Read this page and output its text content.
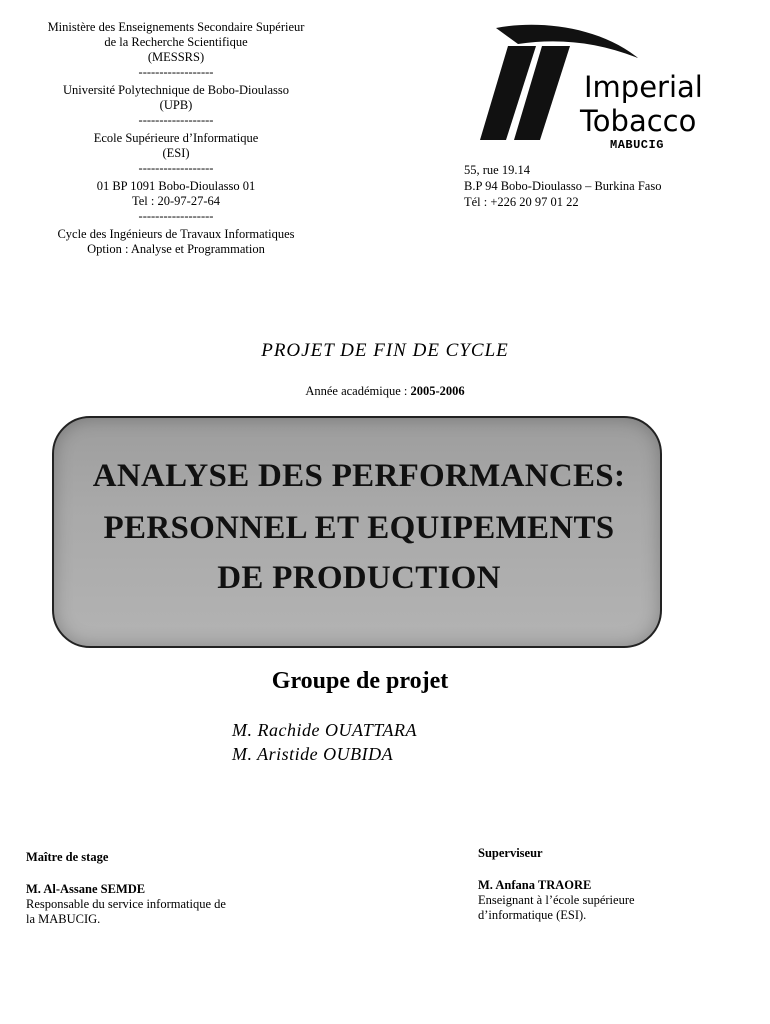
Ministère des Enseignements Secondaire Supérieur
de la Recherche Scientifique
(MESSRS)
------------------
Université Polytechnique de Bobo-Dioulasso
(UPB)
------------------
Ecole Supérieure d’Informatique
(ESI)
------------------
01 BP 1091 Bobo-Dioulasso 01
Tel : 20-97-27-64
------------------
Cycle des Ingénieurs de Travaux Informatiques
Option : Analyse et Programmation
Imperial
Tobacco
MABUCIG
55, rue 19.14
B.P 94 Bobo-Dioulasso – Burkina Faso
Tél : +226 20 97 01 22
PROJET DE FIN DE CYCLE
Année académique : 2005-2006
ANALYSE DES PERFORMANCES:
PERSONNEL ET EQUIPEMENTS
DE PRODUCTION
Groupe de projet
M. Rachide OUATTARA
M. Aristide OUBIDA
Maître de stage
M. Al-Assane SEMDE
Responsable du service informatique de
la MABUCIG.
Superviseur
M. Anfana TRAORE
Enseignant à l’école supérieure
d’informatique (ESI).
